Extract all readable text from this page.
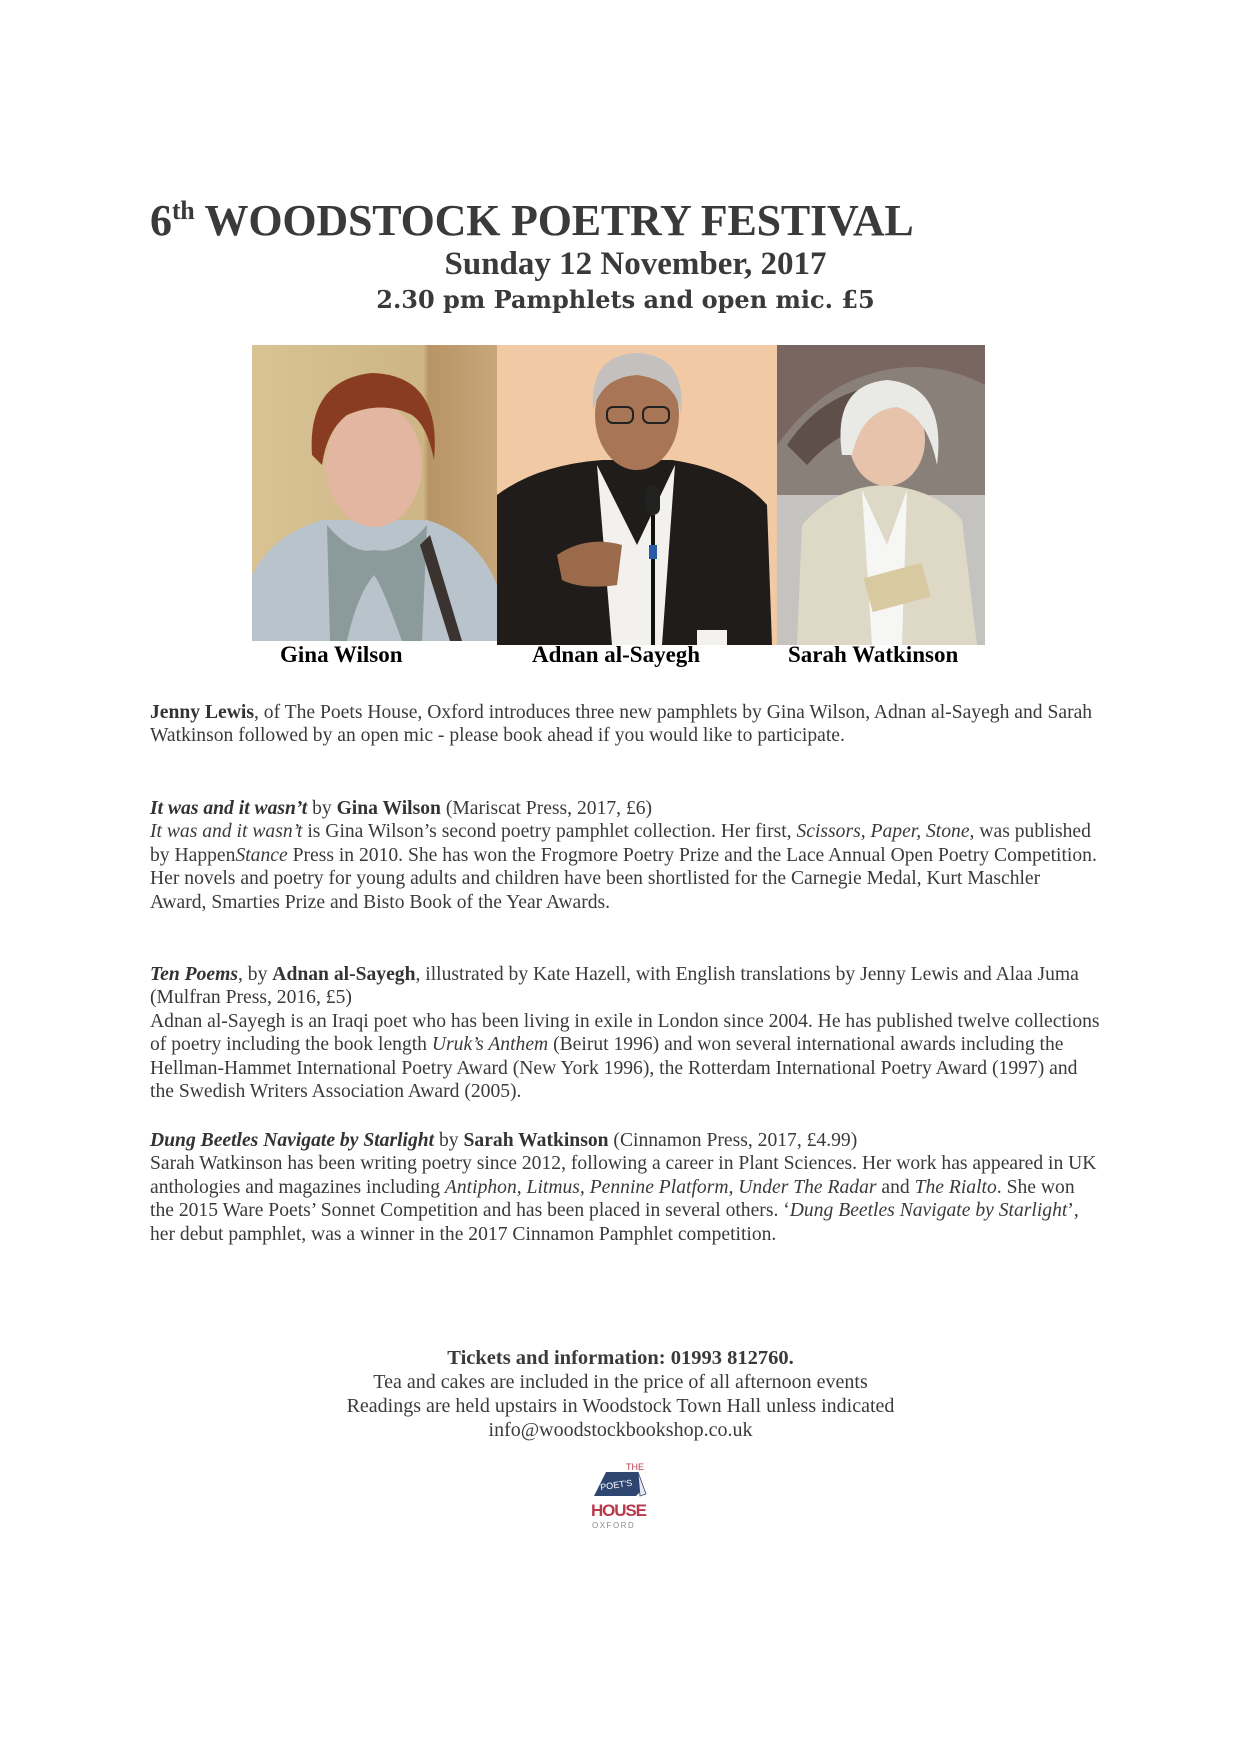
6th WOODSTOCK POETRY FESTIVAL
Sunday 12 November, 2017
2.30 pm Pamphlets and open mic. £5
Gina Wilson	Adnan al-Sayegh	Sarah Watkinson

Jenny Lewis, of The Poets House, Oxford introduces three new pamphlets by Gina Wilson, Adnan al-Sayegh and Sarah Watkinson followed by an open mic - please book ahead if you would like to participate.

It was and it wasn’t by Gina Wilson (Mariscat Press, 2017, £6)

It was and it wasn’t is Gina Wilson’s second poetry pamphlet collection. Her first, Scissors, Paper, Stone, was published by HappenStance Press in 2010. She has won the Frogmore Poetry Prize and the Lace Annual Open Poetry Competition. Her novels and poetry for young adults and children have been shortlisted for the Carnegie Medal, Kurt Maschler Award, Smarties Prize and Bisto Book of the Year Awards.

Ten Poems, by Adnan al-Sayegh, illustrated by Kate Hazell, with English translations by Jenny Lewis and Alaa Juma (Mulfran Press, 2016, £5)

Adnan al-Sayegh is an Iraqi poet who has been living in exile in London since 2004. He has published twelve collections of poetry including the book length Uruk’s Anthem (Beirut 1996) and won several international awards including the Hellman-Hammet International Poetry Award (New York 1996), the Rotterdam International Poetry Award (1997) and the Swedish Writers Association Award (2005).

Dung Beetles Navigate by Starlight by Sarah Watkinson (Cinnamon Press, 2017, £4.99)

Sarah Watkinson has been writing poetry since 2012, following a career in Plant Sciences. Her work has appeared in UK anthologies and magazines including Antiphon, Litmus, Pennine Platform, Under The Radar and The Rialto. She won the 2015 Ware Poets’ Sonnet Competition and has been placed in several others. ‘Dung Beetles Navigate by Starlight’, her debut pamphlet, was a winner in the 2017 Cinnamon Pamphlet competition.

Tickets and information: 01993 812760.
Tea and cakes are included in the price of all afternoon events
Readings are held upstairs in Woodstock Town Hall unless indicated
info@woodstockbookshop.co.uk
THE
POET'S
HOUSE
OXFORD
